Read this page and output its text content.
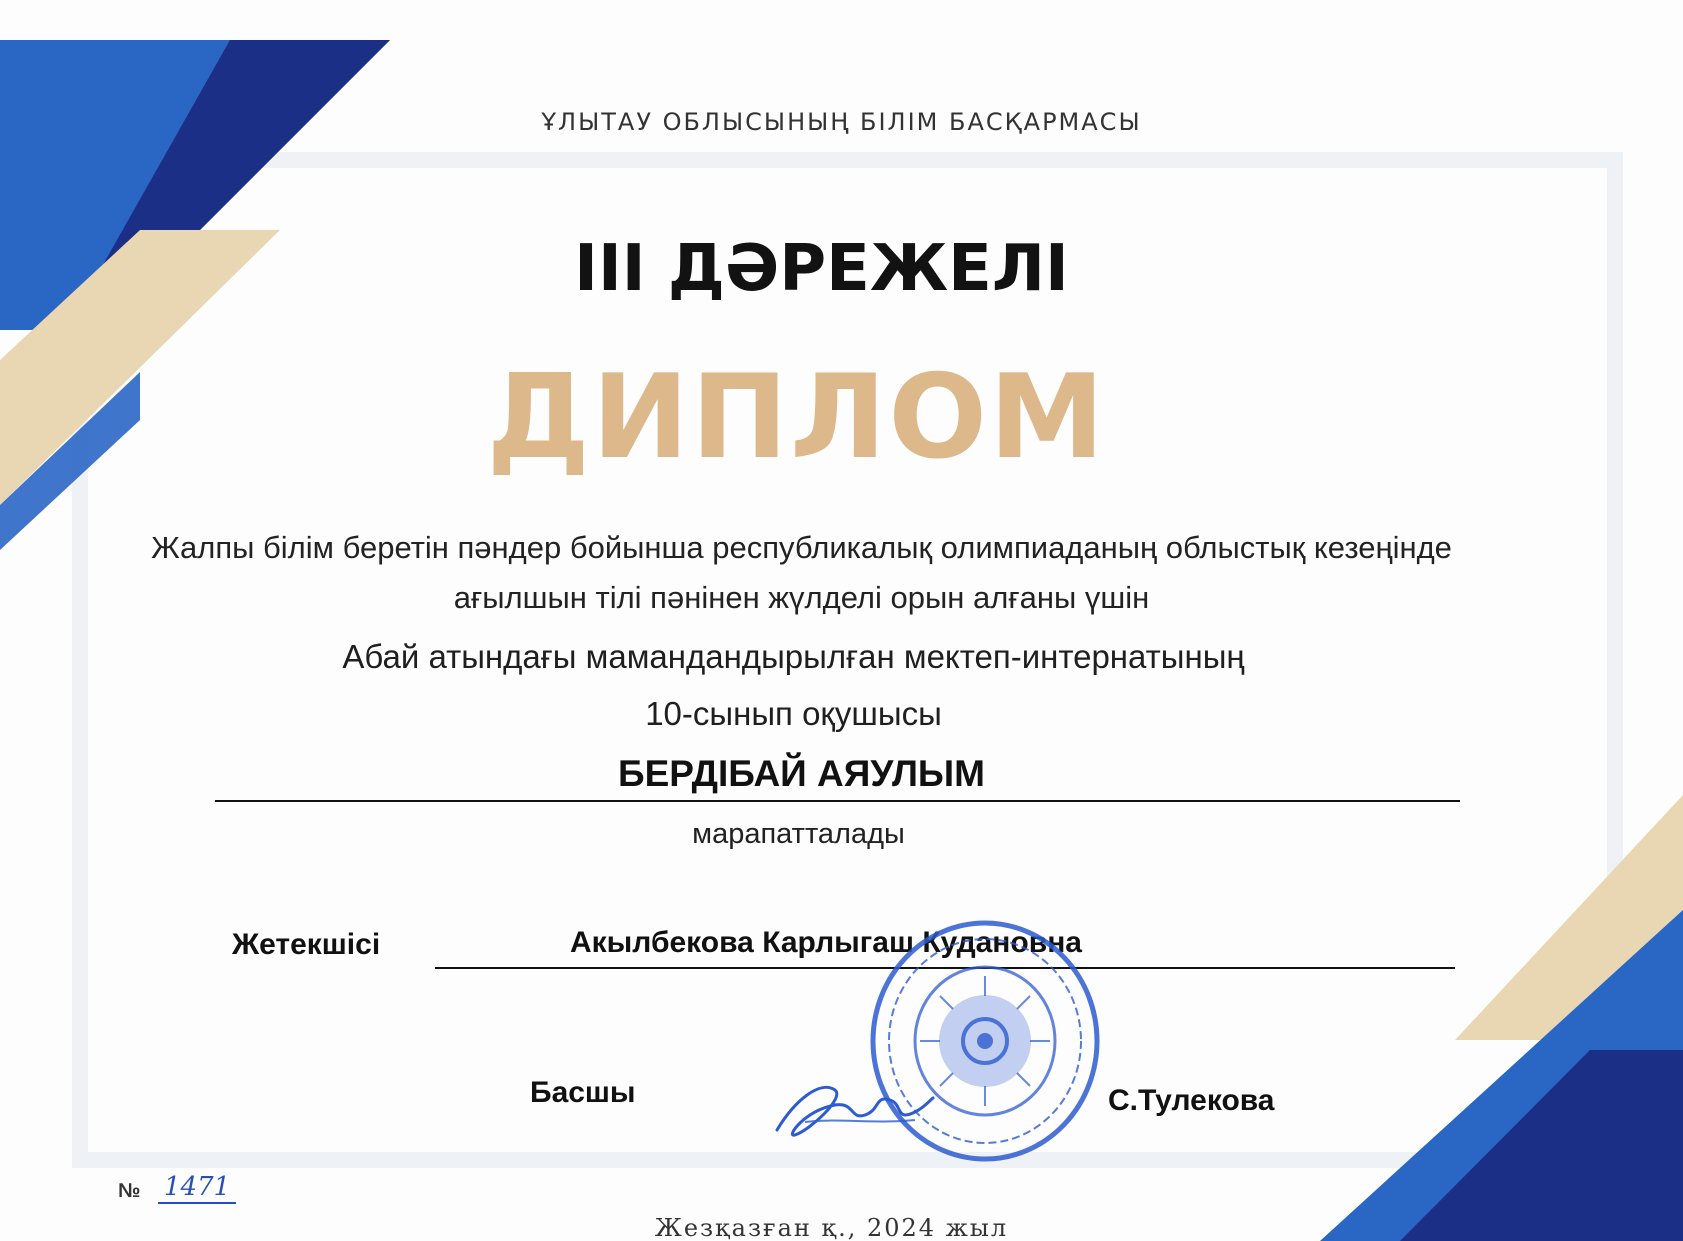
ҰЛЫТАУ ОБЛЫСЫНЫҢ БІЛІМ БАСҚАРМАСЫ

III ДӘРЕЖЕЛІ

ДИПЛОМ

Жалпы білім беретін пәндер бойынша республикалық олимпиаданың облыстық кезеңінде

ағылшын тілі пәнінен жүлделі орын алғаны үшін

Абай атындағы мамандандырылған мектеп-интернатының

10-сынып оқушысы

БЕРДІБАЙ АЯУЛЫМ

марапатталады

Жетекшісі	Акылбекова Карлыгаш Кудановна

Басшы	С.Тулекова

№ 1471

Жезқазған қ., 2024 жыл
